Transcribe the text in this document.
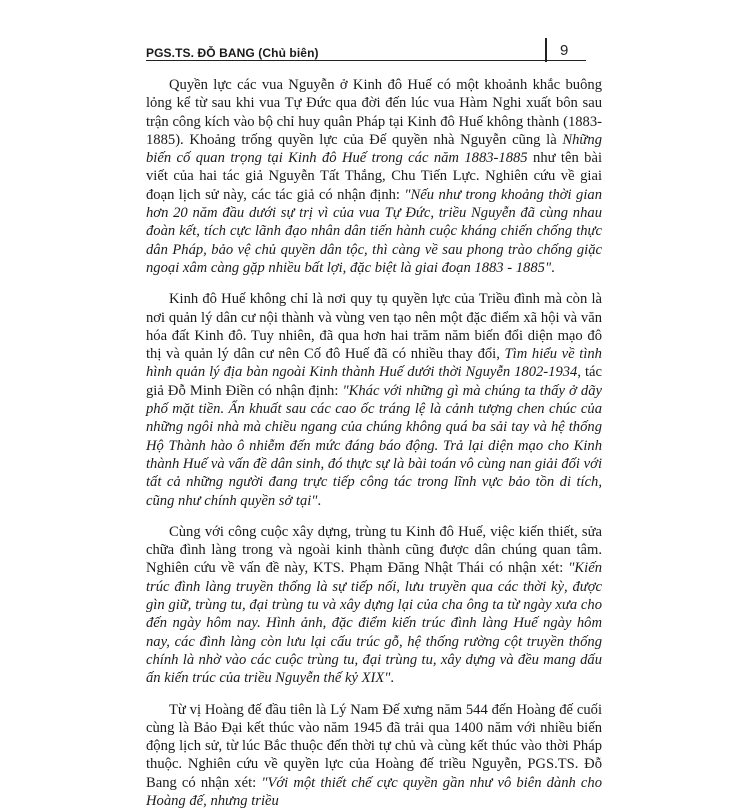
PGS.TS. ĐỖ BANG (Chủ biên)	9

Quyền lực các vua Nguyễn ở Kinh đô Huế có một khoảnh khắc buông lỏng kể từ sau khi vua Tự Đức qua đời đến lúc vua Hàm Nghi xuất bôn sau trận công kích vào bộ chỉ huy quân Pháp tại Kinh đô Huế không thành (1883-1885). Khoảng trống quyền lực của Đế quyền nhà Nguyễn cũng là Những biến cố quan trọng tại Kinh đô Huế trong các năm 1883-1885 như tên bài viết của hai tác giả Nguyễn Tất Thắng, Chu Tiến Lực. Nghiên cứu về giai đoạn lịch sử này, các tác giả có nhận định: "Nếu như trong khoảng thời gian hơn 20 năm đầu dưới sự trị vì của vua Tự Đức, triều Nguyễn đã cùng nhau đoàn kết, tích cực lãnh đạo nhân dân tiến hành cuộc kháng chiến chống thực dân Pháp, bảo vệ chủ quyền dân tộc, thì càng về sau phong trào chống giặc ngoại xâm càng gặp nhiều bất lợi, đặc biệt là giai đoạn 1883 - 1885".

Kinh đô Huế không chỉ là nơi quy tụ quyền lực của Triều đình mà còn là nơi quản lý dân cư nội thành và vùng ven tạo nên một đặc điểm xã hội và văn hóa đất Kinh đô. Tuy nhiên, đã qua hơn hai trăm năm biến đổi diện mạo đô thị và quản lý dân cư nên Cố đô Huế đã có nhiều thay đổi, Tìm hiểu về tình hình quản lý địa bàn ngoài Kinh thành Huế dưới thời Nguyễn 1802-1934, tác giả Đỗ Minh Điền có nhận định: "Khác với những gì mà chúng ta thấy ở dãy phố mặt tiền. Ẩn khuất sau các cao ốc tráng lệ là cảnh tượng chen chúc của những ngôi nhà mà chiều ngang của chúng không quá ba sải tay và hệ thống Hộ Thành hào ô nhiễm đến mức đáng báo động. Trả lại diện mạo cho Kinh thành Huế và vấn đề dân sinh, đó thực sự là bài toán vô cùng nan giải đối với tất cả những người đang trực tiếp công tác trong lĩnh vực bảo tồn di tích, cũng như chính quyền sở tại".

Cùng với công cuộc xây dựng, trùng tu Kinh đô Huế, việc kiến thiết, sửa chữa đình làng trong và ngoài kinh thành cũng được dân chúng quan tâm. Nghiên cứu về vấn đề này, KTS. Phạm Đăng Nhật Thái có nhận xét: "Kiến trúc đình làng truyền thống là sự tiếp nối, lưu truyền qua các thời kỳ, được gìn giữ, trùng tu, đại trùng tu và xây dựng lại của cha ông ta từ ngày xưa cho đến ngày hôm nay. Hình ảnh, đặc điểm kiến trúc đình làng Huế ngày hôm nay, các đình làng còn lưu lại cấu trúc gỗ, hệ thống rường cột truyền thống chính là nhờ vào các cuộc trùng tu, đại trùng tu, xây dựng và đều mang dấu ấn kiến trúc của triều Nguyễn thế kỷ XIX".

Từ vị Hoàng đế đầu tiên là Lý Nam Đế xưng năm 544 đến Hoàng đế cuối cùng là Bảo Đại kết thúc vào năm 1945 đã trải qua 1400 năm với nhiều biến động lịch sử, từ lúc Bắc thuộc đến thời tự chủ và cùng kết thúc vào thời Pháp thuộc. Nghiên cứu về quyền lực của Hoàng đế triều Nguyễn, PGS.TS. Đỗ Bang có nhận xét: "Với một thiết chế cực quyền gần như vô biên dành cho Hoàng đế, nhưng triều
